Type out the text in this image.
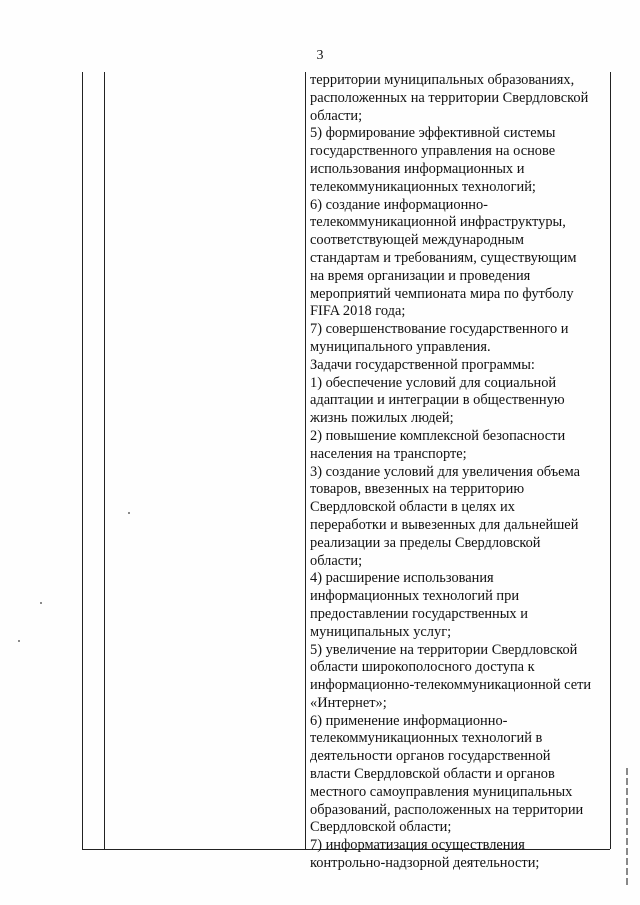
3
территории муниципальных образованиях,
расположенных на территории Свердловской
области;
5) формирование эффективной системы
государственного управления на основе
использования информационных и
телекоммуникационных технологий;
6) создание информационно-
телекоммуникационной инфраструктуры,
соответствующей международным
стандартам и требованиям, существующим
на время организации и проведения
мероприятий чемпионата мира по футболу
FIFA 2018 года;
7) совершенствование государственного и
муниципального управления.
Задачи государственной программы:
1) обеспечение условий для социальной
адаптации и интеграции в общественную
жизнь пожилых людей;
2) повышение комплексной безопасности
населения на транспорте;
3) создание условий для увеличения объема
товаров, ввезенных на территорию
Свердловской области в целях их
переработки и вывезенных для дальнейшей
реализации за пределы Свердловской
области;
4) расширение использования
информационных технологий при
предоставлении государственных и
муниципальных услуг;
5) увеличение на территории Свердловской
области широкополосного доступа к
информационно-телекоммуникационной сети
«Интернет»;
6) применение информационно-
телекоммуникационных технологий в
деятельности органов государственной
власти Свердловской области и органов
местного самоуправления муниципальных
образований, расположенных на территории
Свердловской области;
7) информатизация осуществления
контрольно-надзорной деятельности;
